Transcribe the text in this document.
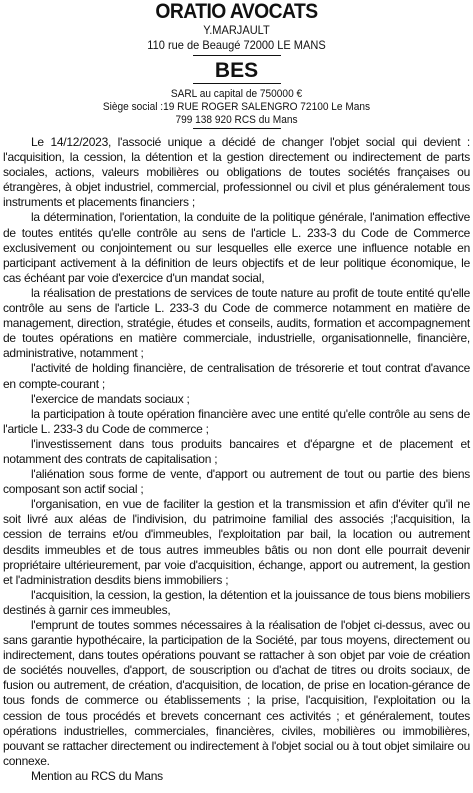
ORATIO AVOCATS
Y.MARJAULT
110 rue de Beaugé 72000 LE MANS
BES
SARL au capital de 750000 €
Siège social :19 RUE ROGER SALENGRO 72100 Le Mans
799 138 920 RCS du Mans

Le 14/12/2023, l'associé unique a décidé de changer l'objet social qui devient : l'acquisition, la cession, la détention et la gestion directement ou indirectement de parts sociales, actions, valeurs mobilières ou obligations de toutes sociétés françaises ou étrangères, à objet industriel, commercial, professionnel ou civil et plus généralement tous instruments et placements financiers ;

la détermination, l'orientation, la conduite de la politique générale, l'animation effective de toutes entités qu'elle contrôle au sens de l'article L. 233-3 du Code de Commerce exclusivement ou conjointement ou sur lesquelles elle exerce une influence notable en participant activement à la définition de leurs objectifs et de leur politique économique, le cas échéant par voie d'exercice d'un mandat social,

la réalisation de prestations de services de toute nature au profit de toute entité qu'elle contrôle au sens de l'article L. 233-3 du Code de commerce notamment en matière de management, direction, stratégie, études et conseils, audits, formation et accompagnement de toutes opérations en matière commerciale, industrielle, organisationnelle, financière, administrative, notamment ;

l'activité de holding financière, de centralisation de trésorerie et tout contrat d'avance en compte-courant ;

l'exercice de mandats sociaux ;

la participation à toute opération financière avec une entité qu'elle contrôle au sens de l'article L. 233-3 du Code de commerce ;

l'investissement dans tous produits bancaires et d'épargne et de placement et notamment des contrats de capitalisation ;

l'aliénation sous forme de vente, d'apport ou autrement de tout ou partie des biens composant son actif social ;

l'organisation, en vue de faciliter la gestion et la transmission et afin d'éviter qu'il ne soit livré aux aléas de l'indivision, du patrimoine familial des associés ;l'acquisition, la cession de terrains et/ou d'immeubles, l'exploitation par bail, la location ou autrement desdits immeubles et de tous autres immeubles bâtis ou non dont elle pourrait devenir propriétaire ultérieurement, par voie d'acquisition, échange, apport ou autrement, la gestion et l'administration desdits biens immobiliers ;

l'acquisition, la cession, la gestion, la détention et la jouissance de tous biens mobiliers destinés à garnir ces immeubles,

l'emprunt de toutes sommes nécessaires à la réalisation de l'objet ci-dessus, avec ou sans garantie hypothécaire, la participation de la Société, par tous moyens, directement ou indirectement, dans toutes opérations pouvant se rattacher à son objet par voie de création de sociétés nouvelles, d'apport, de souscription ou d'achat de titres ou droits sociaux, de fusion ou autrement, de création, d'acquisition, de location, de prise en location-gérance de tous fonds de commerce ou établissements ; la prise, l'acquisition, l'exploitation ou la cession de tous procédés et brevets concernant ces activités ; et généralement, toutes opérations industrielles, commerciales, financières, civiles, mobilières ou immobilières, pouvant se rattacher directement ou indirectement à l'objet social ou à tout objet similaire ou connexe.

Mention au RCS du Mans
